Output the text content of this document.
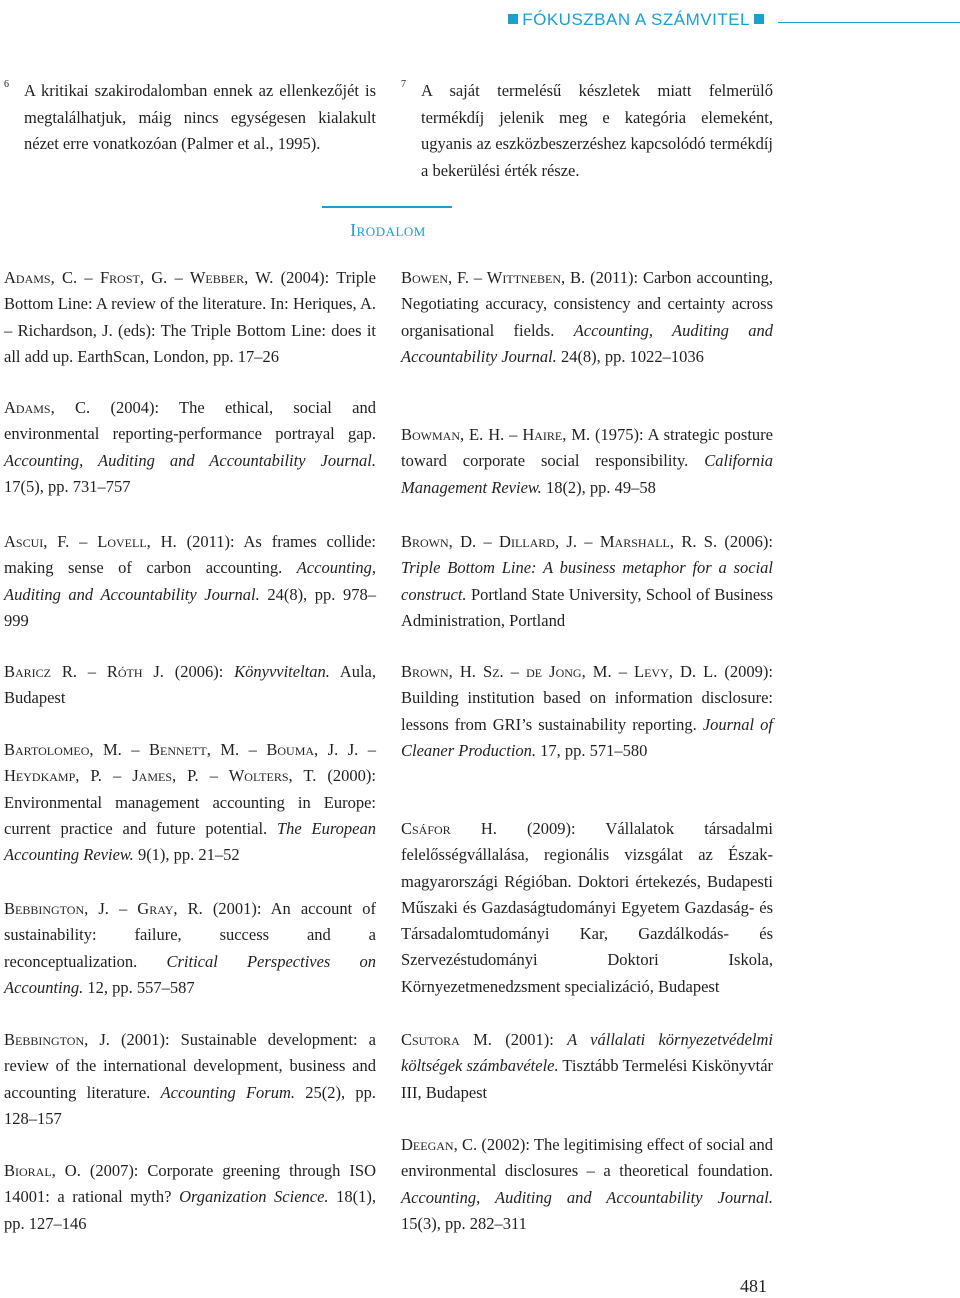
FÓKUSZBAN A SZÁMVITEL
$^6$ A kritikai szakirodalomban ennek az ellenkezőjét is megtalálhatjuk, máig nincs egységesen kialakult nézet erre vonatkozóan (Palmer et al., 1995).
$^7$ A saját termelésű készletek miatt felmerülő termékdíj jelenik meg e kategória elemeként, ugyanis az eszközbeszerzéshez kapcsolódó termékdíj a bekerülési érték része.
Irodalom
Adams, C. – Frost, G. – Webber, W. (2004): Triple Bottom Line: A review of the literature. In: Heriques, A. – Richardson, J. (eds): The Triple Bottom Line: does it all add up. EarthScan, London, pp. 17–26
Adams, C. (2004): The ethical, social and environmental reporting-performance portrayal gap. Accounting, Auditing and Accountability Journal. 17(5), pp. 731–757
Ascui, F. – Lovell, H. (2011): As frames collide: making sense of carbon accounting. Accounting, Auditing and Accountability Journal. 24(8), pp. 978–999
Baricz R. – Róth J. (2006): Könyvviteltan. Aula, Budapest
Bartolomeo, M. – Bennett, M. – Bouma, J. J. – Heydkamp, P. – James, P. – Wolters, T. (2000): Environmental management accounting in Europe: current practice and future potential. The European Accounting Review. 9(1), pp. 21–52
Bebbington, J. – Gray, R. (2001): An account of sustainability: failure, success and a reconceptualization. Critical Perspectives on Accounting. 12, pp. 557–587
Bebbington, J. (2001): Sustainable development: a review of the international development, business and accounting literature. Accounting Forum. 25(2), pp. 128–157
Bioral, O. (2007): Corporate greening through ISO 14001: a rational myth? Organization Science. 18(1), pp. 127–146
Bowen, F. – Wittneben, B. (2011): Carbon accounting, Negotiating accuracy, consistency and certainty across organisational fields. Accounting, Auditing and Accountability Journal. 24(8), pp. 1022–1036
Bowman, E. H. – Haire, M. (1975): A strategic posture toward corporate social responsibility. California Management Review. 18(2), pp. 49–58
Brown, D. – Dillard, J. – Marshall, R. S. (2006): Triple Bottom Line: A business metaphor for a social construct. Portland State University, School of Business Administration, Portland
Brown, H. Sz. – de Jong, M. – Levy, D. L. (2009): Building institution based on information disclosure: lessons from GRI’s sustainability reporting. Journal of Cleaner Production. 17, pp. 571–580
Csáfor H. (2009): Vállalatok társadalmi felelősségvállalása, regionális vizsgálat az Észak-magyarországi Régióban. Doktori értekezés, Budapesti Műszaki és Gazdaságtudományi Egyetem Gazdaság- és Társadalomtudományi Kar, Gazdálkodás- és Szervezéstudományi Doktori Iskola, Környezetmenedzsment specializáció, Budapest
Csutora M. (2001): A vállalati környezetvédelmi költségek számbavétele. Tisztább Termelési Kiskönyvtár III, Budapest
Deegan, C. (2002): The legitimising effect of social and environmental disclosures – a theoretical foundation. Accounting, Auditing and Accountability Journal. 15(3), pp. 282–311
481
